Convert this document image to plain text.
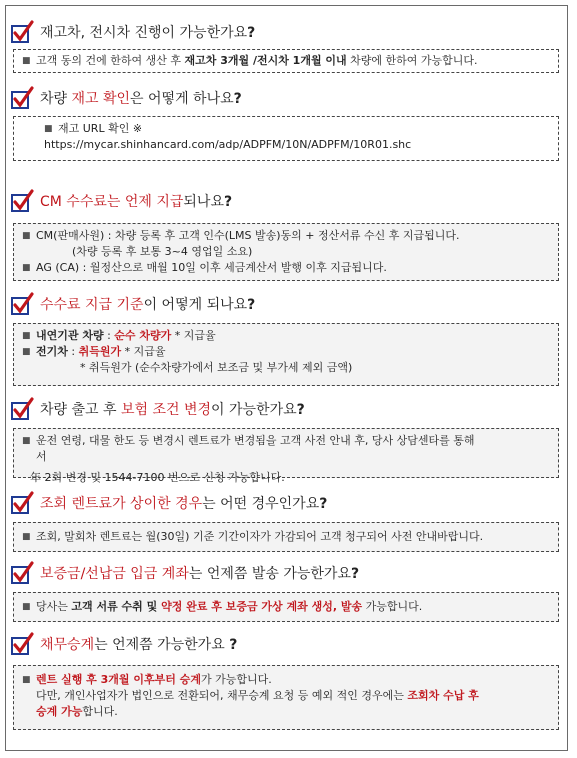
재고차, 전시차 진행이 가능한가요?
■ 고객 동의 건에 한하여 생산 후 재고차 3개월 /전시차 1개월 이내 차량에 한하여 가능합니다.
차량 재고 확인은 어떻게 하나요?
■ 재고 URL 확인 ※
https://mycar.shinhancard.com/adp/ADPFM/10N/ADPFM/10R01.shc
CM 수수료는 언제 지급되나요?
■ CM(판매사원) : 차량 등록 후 고객 인수(LMS 발송)동의 + 정산서류 수신 후 지급됩니다.
(차량 등록 후 보통 3~4 영업일 소요)
■ AG (CA) : 월정산으로 매월 10일 이후 세금계산서 발행 이후 지급됩니다.
수수료 지급 기준이 어떻게 되나요?
■ 내연기관 차량 : 순수 차량가 * 지급율
■ 전기차 : 취득원가 * 지급율
* 취득원가 (순수차량가에서 보조금 및 부가세 제외 금액)
차량 출고 후 보험 조건 변경이 가능한가요?
■ 운전 연령, 대물 한도 등 변경시 렌트료가 변경됨을 고객 사전 안내 후, 당사 상담센타를 통해
서
年 2회 변경 및 1544-7100 번으로 신청 가능합니다.
조회 렌트료가 상이한 경우는 어떤 경우인가요?
■ 조회, 말회차 렌트료는 월(30일) 기준 기간이자가 가감되어 고객 청구되어 사전 안내바랍니다.
보증금/선납금 입금 계좌는 언제쯤 발송 가능한가요?
■ 당사는 고객 서류 수취 및 약정 완료 후 보증금 가상 계좌 생성, 발송 가능합니다.
채무승계는 언제쯤 가능한가요 ?
■ 렌트 실행 후 3개월 이후부터 승계가 가능합니다.
다만, 개인사업자가 법인으로 전환되어, 채무승계 요청 등 예외 적인 경우에는 조회차 수납 후
승계 가능합니다.
